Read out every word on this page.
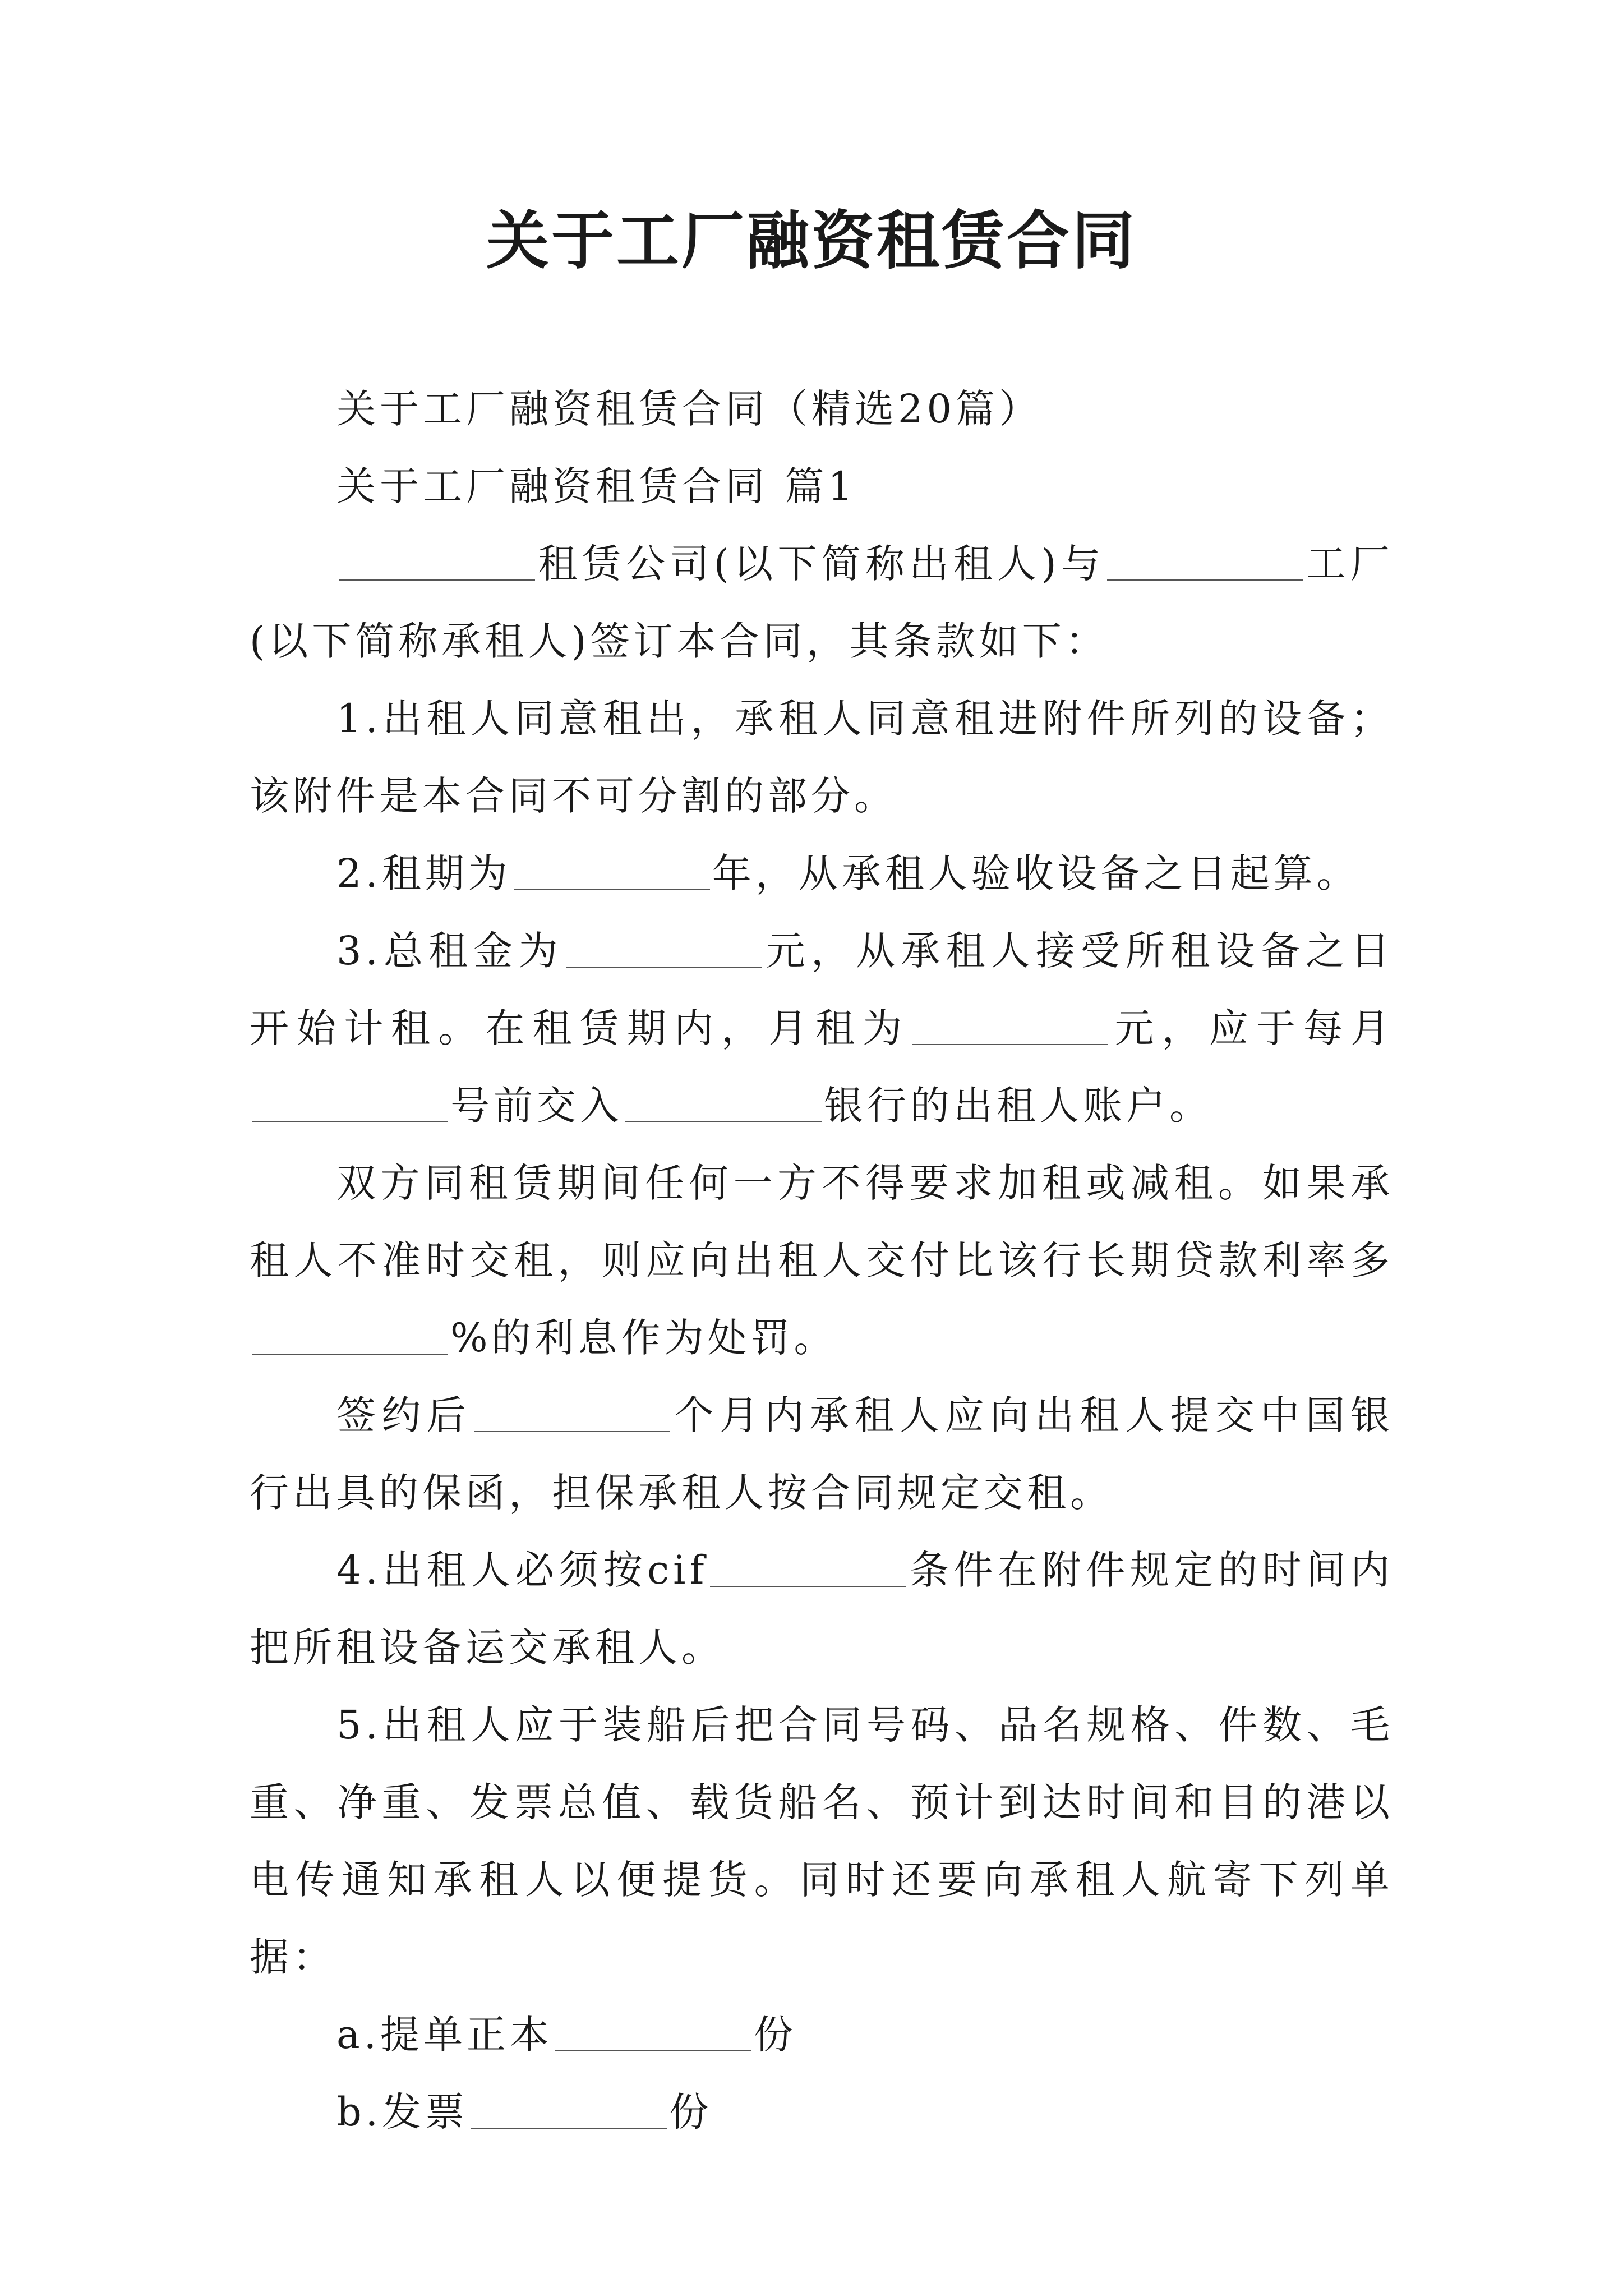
关于工厂融资租赁合同

关于工厂融资租赁合同（精选20篇）

关于工厂融资租赁合同 篇1

租赁公司(以下简称出租人)与	工厂(以下简称承租人)签订本合同，其条款如下：

1.出租人同意租出，承租人同意租进附件所列的设备；该附件是本合同不可分割的部分。

2.租期为	年，从承租人验收设备之日起算。

3.总租金为	元，从承租人接受所租设备之日开始计租。在租赁期内，月租为	元，应于每月号前交入	银行的出租人账户。

双方同租赁期间任何一方不得要求加租或减租。如果承租人不准时交租，则应向出租人交付比该行长期贷款利率多%的利息作为处罚。

签约后	个月内承租人应向出租人提交中国银行出具的保函，担保承租人按合同规定交租。

4.出租人必须按cif	条件在附件规定的时间内把所租设备运交承租人。

5.出租人应于装船后把合同号码、品名规格、件数、毛重、净重、发票总值、载货船名、预计到达时间和目的港以电传通知承租人以便提货。同时还要向承租人航寄下列单据：

a.提单正本	份

b.发票	份
